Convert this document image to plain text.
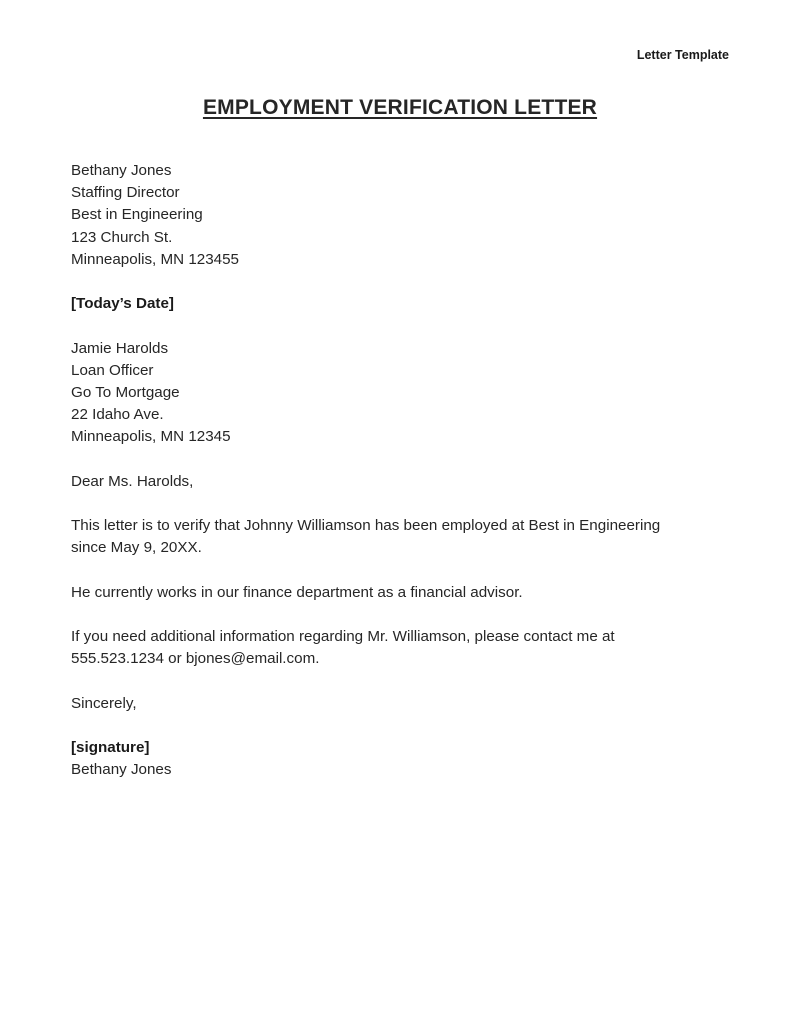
Letter Template
EMPLOYMENT VERIFICATION LETTER
Bethany Jones
Staffing Director
Best in Engineering
123 Church St.
Minneapolis, MN 123455
[Today’s Date]
Jamie Harolds
Loan Officer
Go To Mortgage
22 Idaho Ave.
Minneapolis, MN 12345
Dear Ms. Harolds,
This letter is to verify that Johnny Williamson has been employed at Best in Engineering
since May 9, 20XX.
He currently works in our finance department as a financial advisor.
If you need additional information regarding Mr. Williamson, please contact me at
555.523.1234 or bjones@email.com.
Sincerely,
[signature]
Bethany Jones
